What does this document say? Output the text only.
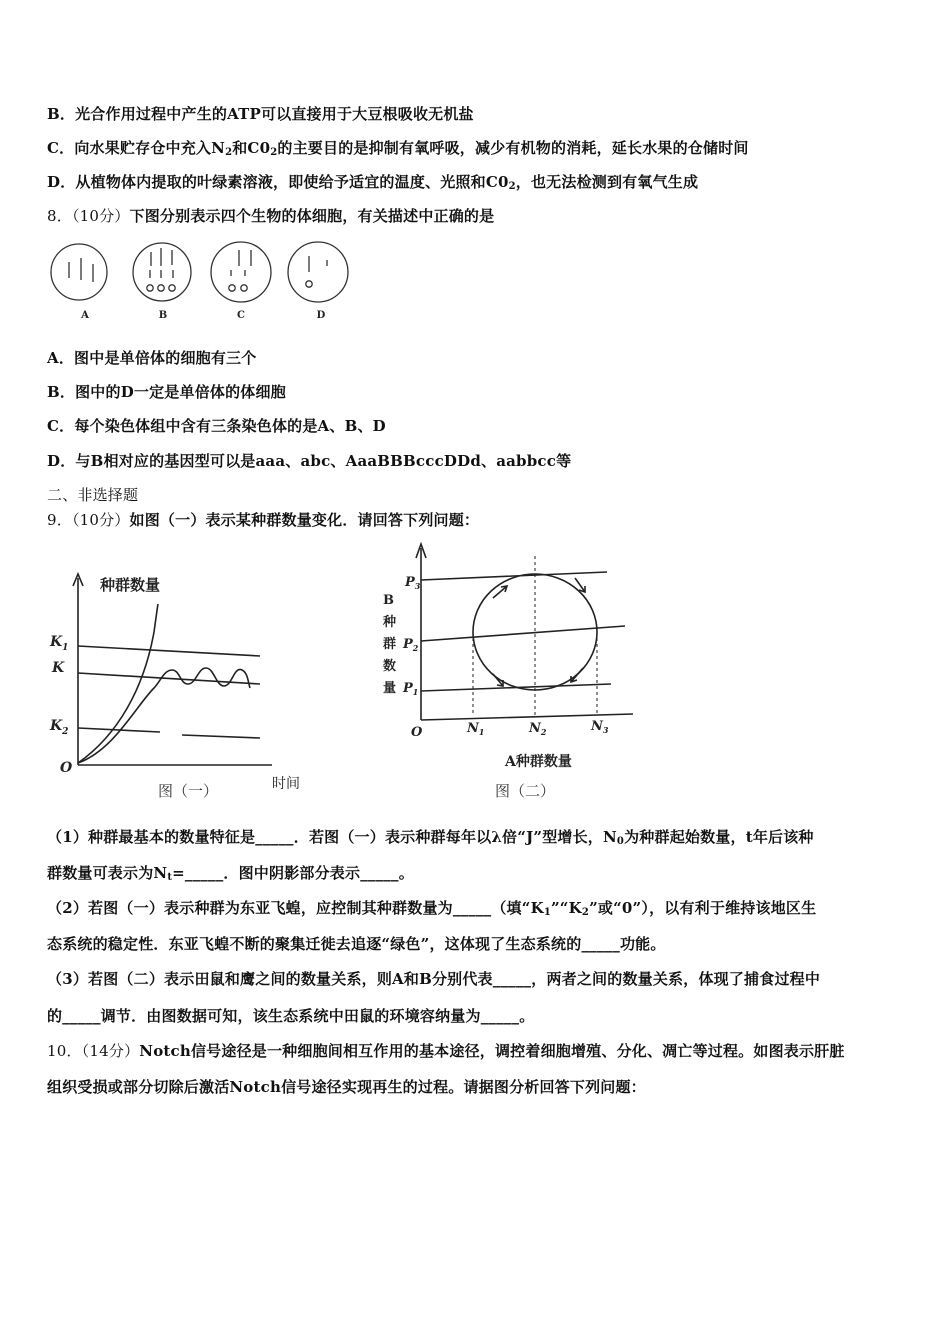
B．光合作用过程中产生的ATP可以直接用于大豆根吸收无机盐
C．向水果贮存仓中充入$N_2$和$C0_2$的主要目的是抑制有氧呼吸，减少有机物的消耗，延长水果的仓储时间
D．从植物体内提取的叶绿素溶液，即使给予适宜的温度、光照和$C0_2$，也无法检测到有氧气生成
8．（10分）下图分别表示四个生物的体细胞，有关描述中正确的是
A	B	C	D
A．图中是单倍体的细胞有三个
B．图中的D一定是单倍体的体细胞
C．每个染色体组中含有三条染色体的是A、B、D
D．与B相对应的基因型可以是aaa、abc、AaaBBBcccDDd、aabbcc等
二、非选择题
9．（10分）如图（一）表示某种群数量变化．请回答下列问题：
$K_1$
K
$K_2$
O
种群数量
时间
图（一）
B
种
群
数
量
$P_3$
$P_2$
$P_1$
O	$N_1$	$N_2$	$N_3$
A种群数量
图（二）
（1）种群最基本的数量特征是_____．若图（一）表示种群每年以λ倍“J”型增长，$N_0$为种群起始数量，t年后该种
群数量可表示为$N_t=\_\_\_\_\_$．图中阴影部分表示_____。
（2）若图（一）表示种群为东亚飞蝗，应控制其种群数量为_____（填“$K_1”“K_2$”或“0”），以有利于维持该地区生
态系统的稳定性．东亚飞蝗不断的聚集迁徙去追逐“绿色”，这体现了生态系统的_____功能。
（3）若图（二）表示田鼠和鹰之间的数量关系，则A和B分别代表_____，两者之间的数量关系，体现了捕食过程中
的_____调节．由图数据可知，该生态系统中田鼠的环境容纳量为_____。
10．（14分）Notch信号途径是一种细胞间相互作用的基本途径，调控着细胞增殖、分化、凋亡等过程。如图表示肝脏
组织受损或部分切除后激活Notch信号途径实现再生的过程。请据图分析回答下列问题：
